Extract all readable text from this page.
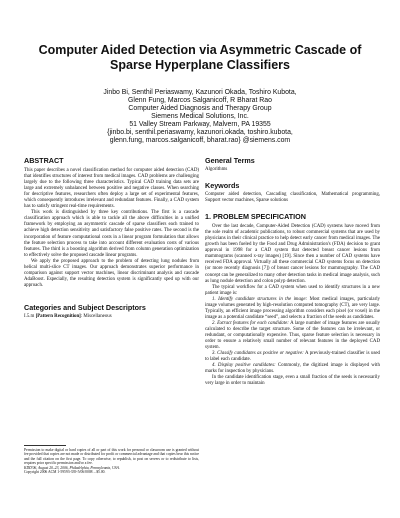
Computer Aided Detection via Asymmetric Cascade of
Sparse Hyperplane Classifiers
Jinbo Bi, Senthil Periaswamy, Kazunori Okada, Toshiro Kubota,
Glenn Fung, Marcos Salganicoff, R Bharat Rao
Computer Aided Diagnosis and Therapy Group
Siemens Medical Solutions, Inc.
51 Valley Stream Parkway, Malvern, PA 19355
{jinbo.bi, senthil.periaswamy, kazunori.okada, toshiro.kubota,
glenn.fung, marcos.salganicoff, bharat.rao} @siemens.com
ABSTRACT

This paper describes a novel classification method for computer aided detection (CAD) that identifies structures of interest from medical images. CAD problems are challenging largely due to the following three characteristics. Typical CAD training data sets are large and extremely unbalanced between positive and negative classes. When searching for descriptive features, researchers often deploy a large set of experimental features, which consequently introduces irrelevant and redundant features. Finally, a CAD system has to satisfy stringent real-time requirements.

This work is distinguished by three key contributions. The first is a cascade classification approach which is able to tackle all the above difficulties in a unified framework by employing an asymmetric cascade of sparse classifiers each trained to achieve high detection sensitivity and satisfactory false positive rates. The second is the incorporation of feature computational costs in a linear program formulation that allows the feature selection process to take into account different evaluation costs of various features. The third is a boosting algorithm derived from column generation optimization to effectively solve the proposed cascade linear programs.

We apply the proposed approach to the problem of detecting lung nodules from helical multi-slice CT images. Our approach demonstrates superior performance in comparison against support vector machines, linear discriminant analysis and cascade AdaBoost. Especially, the resulting detection system is significantly sped up with our approach.

Categories and Subject Descriptors
I.5.m [Pattern Recognition]: Miscellaneous
Permission to make digital or hard copies of all or part of this work for personal or classroom use is granted without fee provided that copies are not made or distributed for profit or commercial advantage and that copies bear this notice and the full citation on the first page. To copy otherwise, to republish, to post on servers or to redistribute to lists, requires prior specific permission and/or a fee.
KDD'06, August 20–23, 2006, Philadelphia, Pennsylvania, USA.
Copyright 2006 ACM 1-59593-339-5/06/0008 ...$5.00.
General Terms
Algorithms
Keywords

Computer aided detection, Cascading classification, Mathematical programming, Support vector machines, Sparse solutions

1. PROBLEM SPECIFICATION

Over the last decade, Computer-Aided Detection (CAD) systems have moved from the sole realm of academic publications, to robust commercial systems that are used by physicians in their clinical practice to help detect early cancer from medical images. The growth has been fueled by the Food and Drug Administration's (FDA) decision to grant approval in 1998 for a CAD system that detected breast cancer lesions from mammograms (scanned x-ray images) [19]. Since then a number of CAD systems have received FDA approval. Virtually all these commercial CAD systems focus on detection (or more recently diagnosis [7]) of breast cancer lesions for mammography. The CAD concept can be generalized to many other detection tasks in medical image analysis, such as lung nodule detection and colon polyp detection.

The typical workflow for a CAD system when used to identify structures in a new patient image is:

1. Identify candidate structures in the image: Most medical images, particularly image volumes generated by high-resolution computed tomography (CT), are very large. Typically, an efficient image processing algorithm considers each pixel (or voxel) in the image as a potential candidate “seed”, and selects a fraction of the seeds as candidates.

2. Extract features for each candidate: A large number of image features are usually calculated to describe the target structure. Some of the features can be irrelevant, or redundant, or computationally expensive. Thus, sparse feature selection is necessary in order to ensure a relatively small number of relevant features in the deployed CAD system.

3. Classify candidates as positive or negative: A previously-trained classifier is used to label each candidate.

4. Display positive candidates: Commonly, the digitized image is displayed with marks for inspection by physicians.

In the candidate identification stage, even a small fraction of the seeds is necessarily very large in order to maintain
